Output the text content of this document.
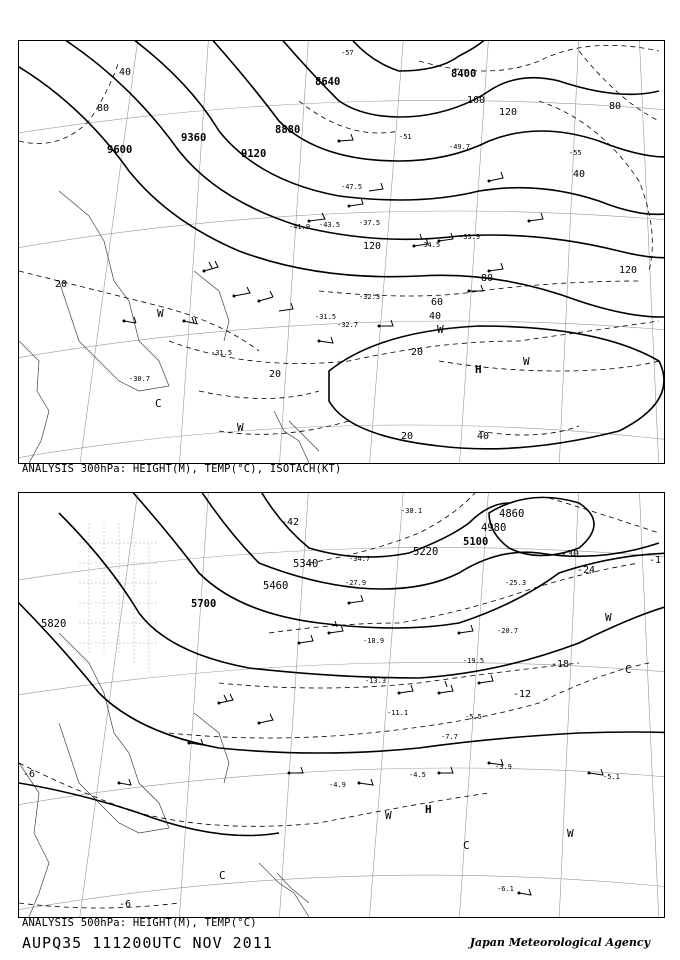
9600
9360
9120
8880
8640
8400
40
80
120
120
80
60
40
20
20
20
40
80
120
160
40
20
-30.7
-31.5
-31.5
-32.3
-32.7
-33.9
-34.5
-37.5
-41.9 -43.5
-47.5
-49.7
-51
-55
-57
H
W
W
W
C
W
ANALYSIS 300hPa: HEIGHT(M), TEMP(°C), ISOTACH(KT)
5820
5700
5460
5340
5220
5100
4860
4980
-6
-6
-12
-18
-24
-30
-42
-1
-3.9
-4.5
-4.9
-5.1
-5.5
-6.1
-7.7
-11.1
-13.3
-18.9
-19.5
-20.7
-25.3
-27.9
-34.7
-38.1
H
W
W
W
C
C
C
ANALYSIS 500hPa: HEIGHT(M), TEMP(°C)
AUPQ35 111200UTC NOV 2011	Japan Meteorological Agency
